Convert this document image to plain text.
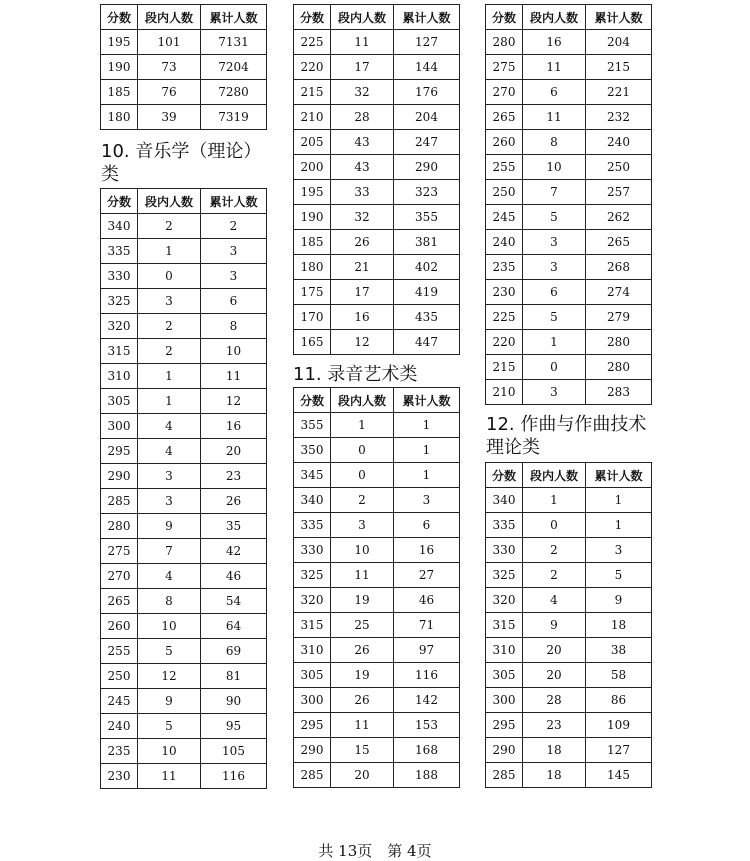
分数	段内人数	累计人数
195	101	7131
190	73	7204
185	76	7280
180	39	7319
10. 音乐学（理论）
类
分数	段内人数	累计人数
340	2	2
335	1	3
330	0	3
325	3	6
320	2	8
315	2	10
310	1	11
305	1	12
300	4	16
295	4	20
290	3	23
285	3	26
280	9	35
275	7	42
270	4	46
265	8	54
260	10	64
255	5	69
250	12	81
245	9	90
240	5	95
235	10	105
230	11	116
分数	段内人数	累计人数
225	11	127
220	17	144
215	32	176
210	28	204
205	43	247
200	43	290
195	33	323
190	32	355
185	26	381
180	21	402
175	17	419
170	16	435
165	12	447
11. 录音艺术类
分数	段内人数	累计人数
355	1	1
350	0	1
345	0	1
340	2	3
335	3	6
330	10	16
325	11	27
320	19	46
315	25	71
310	26	97
305	19	116
300	26	142
295	11	153
290	15	168
285	20	188
分数	段内人数	累计人数
280	16	204
275	11	215
270	6	221
265	11	232
260	8	240
255	10	250
250	7	257
245	5	262
240	3	265
235	3	268
230	6	274
225	5	279
220	1	280
215	0	280
210	3	283
12. 作曲与作曲技术
理论类
分数	段内人数	累计人数
340	1	1
335	0	1
330	2	3
325	2	5
320	4	9
315	9	18
310	20	38
305	20	58
300	28	86
295	23	109
290	18	127
285	18	145
共 13页　第 4页
